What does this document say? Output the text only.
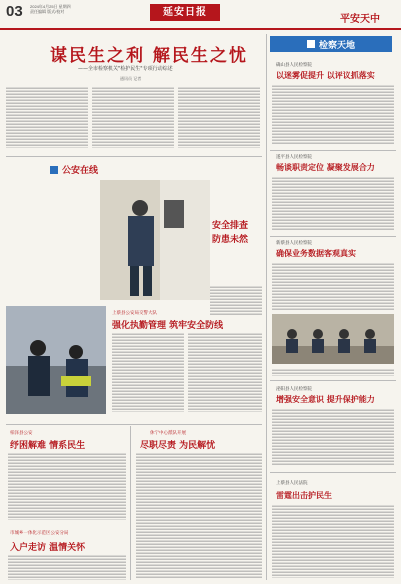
03 2024年4月25日 星期四
责任编辑 版式/校对	延安日报
平安天中
谋民生之利 解民生之忧
——全市检察机关"检护民生"专项行动综述
通讯员 记者
公安在线
安全排查
防患未然
上蔡县公安局交警大队
强化执勤管理 筑牢安全防线
柏泽县公安
纾困解难 情系民生
市城乡一体化示范区公安分局
入户走访 温情关怀
休宁中心派队开展
尽职尽责 为民解忧
检察天地
确山县人民检察院
以迷雾促提升 以评议抓落实
遂平县人民检察院
畅谈职责定位 凝聚发展合力
新蔡县人民检察院
确保业务数据客观真实
泌阳县人民检察院
增强安全意识 提升保护能力
上蔡县人民法院
雷霆出击护民生
